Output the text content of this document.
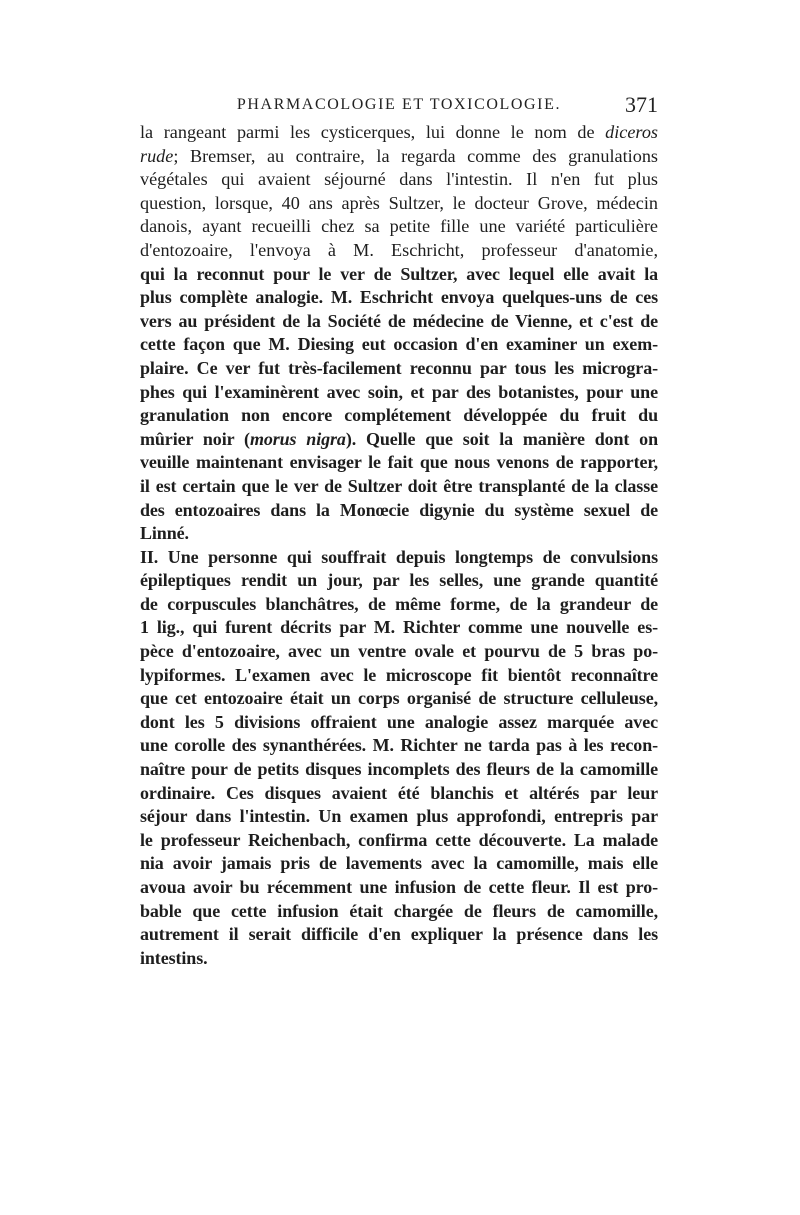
PHARMACOLOGIE ET TOXICOLOGIE.	371
la rangeant parmi les cysticerques, lui donne le nom de diceros
rude; Bremser, au contraire, la regarda comme des granulations
végétales qui avaient séjourné dans l'intestin. Il n'en fut plus
question, lorsque, 40 ans après Sultzer, le docteur Grove, médecin
danois, ayant recueilli chez sa petite fille une variété particulière
d'entozoaire, l'envoya à M. Eschricht, professeur d'anatomie,
qui la reconnut pour le ver de Sultzer, avec lequel elle avait la
plus complète analogie. M. Eschricht envoya quelques-uns de ces
vers au président de la Société de médecine de Vienne, et c'est de
cette façon que M. Diesing eut occasion d'en examiner un exem-
plaire. Ce ver fut très-facilement reconnu par tous les microgra-
phes qui l'examinèrent avec soin, et par des botanistes, pour une
granulation non encore complétement développée du fruit du
mûrier noir (morus nigra). Quelle que soit la manière dont on
veuille maintenant envisager le fait que nous venons de rapporter,
il est certain que le ver de Sultzer doit être transplanté de la classe
des entozoaires dans la Monœcie digynie du système sexuel de
Linné.
II. Une personne qui souffrait depuis longtemps de convulsions
épileptiques rendit un jour, par les selles, une grande quantité
de corpuscules blanchâtres, de même forme, de la grandeur de
1 lig., qui furent décrits par M. Richter comme une nouvelle es-
pèce d'entozoaire, avec un ventre ovale et pourvu de 5 bras po-
lypiformes. L'examen avec le microscope fit bientôt reconnaître
que cet entozoaire était un corps organisé de structure celluleuse,
dont les 5 divisions offraient une analogie assez marquée avec
une corolle des synanthérées. M. Richter ne tarda pas à les recon-
naître pour de petits disques incomplets des fleurs de la camomille
ordinaire. Ces disques avaient été blanchis et altérés par leur
séjour dans l'intestin. Un examen plus approfondi, entrepris par
le professeur Reichenbach, confirma cette découverte. La malade
nia avoir jamais pris de lavements avec la camomille, mais elle
avoua avoir bu récemment une infusion de cette fleur. Il est pro-
bable que cette infusion était chargée de fleurs de camomille,
autrement il serait difficile d'en expliquer la présence dans les
intestins.
